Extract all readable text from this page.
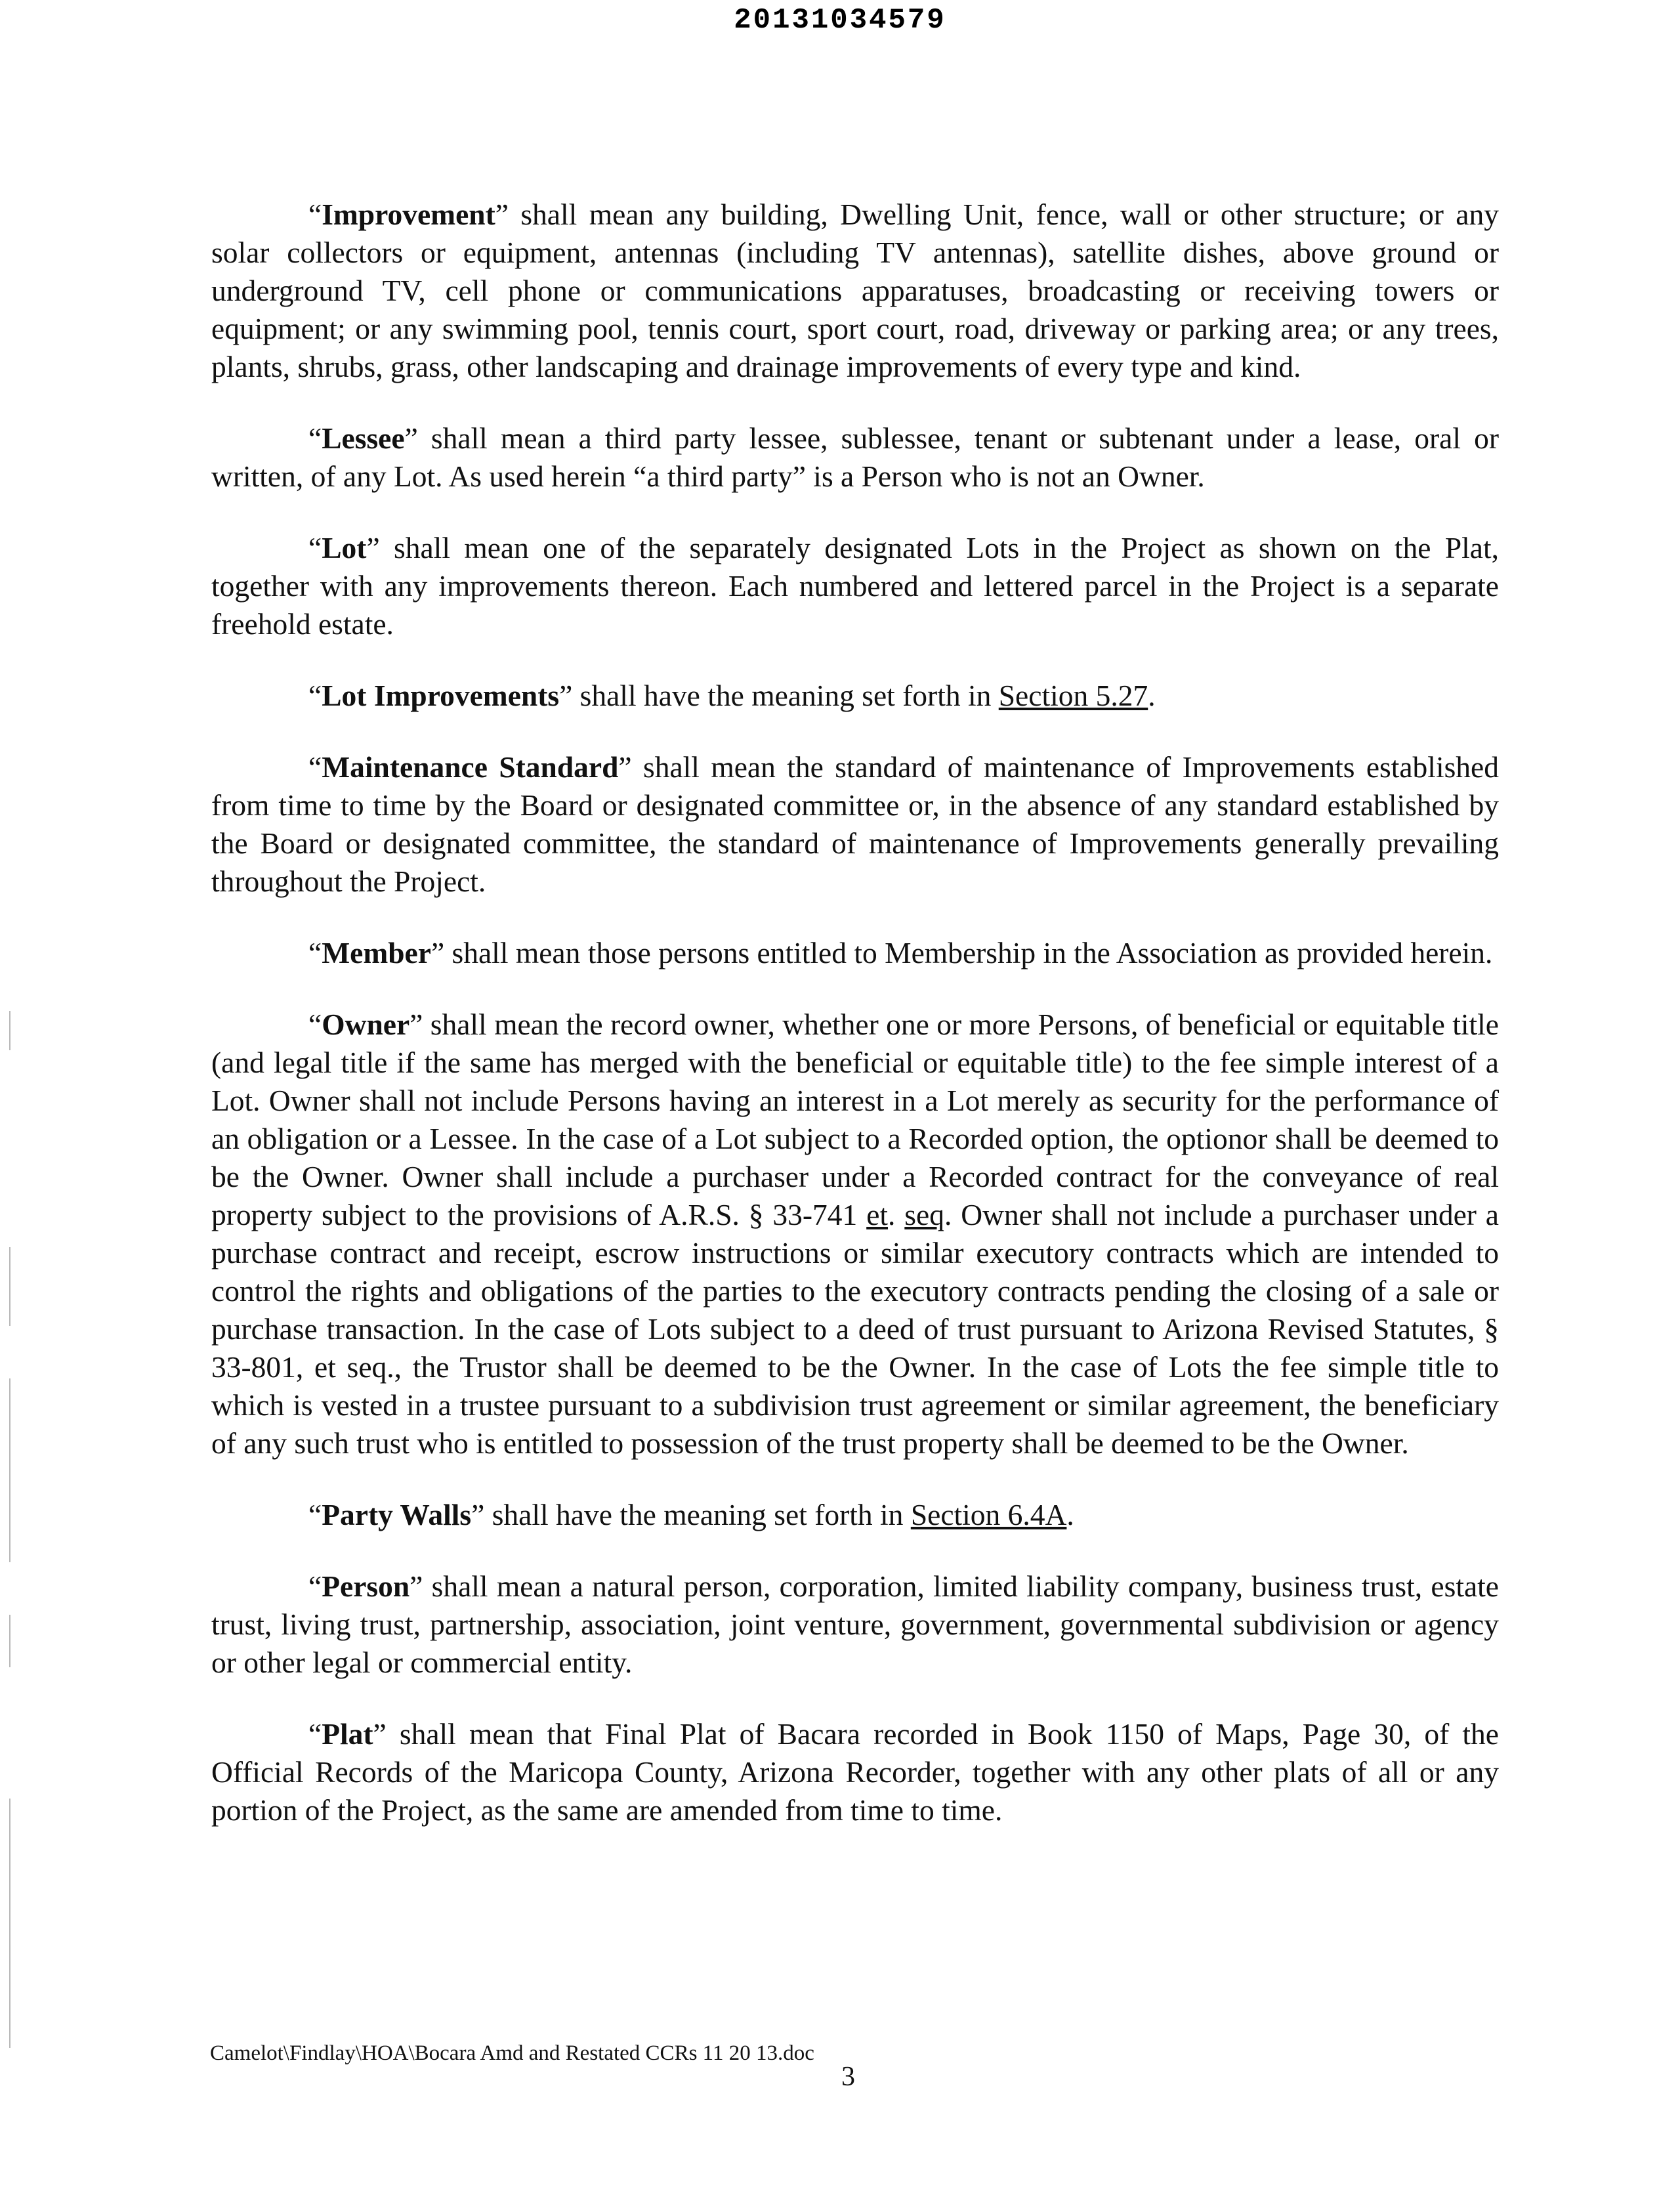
20131034579

“Improvement” shall mean any building, Dwelling Unit, fence, wall or other structure; or any solar collectors or equipment, antennas (including TV antennas), satellite dishes, above ground or underground TV, cell phone or communications apparatuses, broadcasting or receiving towers or equipment; or any swimming pool, tennis court, sport court, road, driveway or parking area; or any trees, plants, shrubs, grass, other landscaping and drainage improvements of every type and kind.

“Lessee” shall mean a third party lessee, sublessee, tenant or subtenant under a lease, oral or written, of any Lot. As used herein “a third party” is a Person who is not an Owner.

“Lot” shall mean one of the separately designated Lots in the Project as shown on the Plat, together with any improvements thereon. Each numbered and lettered parcel in the Project is a separate freehold estate.

“Lot Improvements” shall have the meaning set forth in Section 5.27.

“Maintenance Standard” shall mean the standard of maintenance of Improvements established from time to time by the Board or designated committee or, in the absence of any standard established by the Board or designated committee, the standard of maintenance of Improvements generally prevailing throughout the Project.

“Member” shall mean those persons entitled to Membership in the Association as provided herein.

“Owner” shall mean the record owner, whether one or more Persons, of beneficial or equitable title (and legal title if the same has merged with the beneficial or equitable title) to the fee simple interest of a Lot. Owner shall not include Persons having an interest in a Lot merely as security for the performance of an obligation or a Lessee. In the case of a Lot subject to a Recorded option, the optionor shall be deemed to be the Owner. Owner shall include a purchaser under a Recorded contract for the conveyance of real property subject to the provisions of A.R.S. § 33-741 et. seq. Owner shall not include a purchaser under a purchase contract and receipt, escrow instructions or similar executory contracts which are intended to control the rights and obligations of the parties to the executory contracts pending the closing of a sale or purchase transaction. In the case of Lots subject to a deed of trust pursuant to Arizona Revised Statutes, § 33-801, et seq., the Trustor shall be deemed to be the Owner. In the case of Lots the fee simple title to which is vested in a trustee pursuant to a subdivision trust agreement or similar agreement, the beneficiary of any such trust who is entitled to possession of the trust property shall be deemed to be the Owner.

“Party Walls” shall have the meaning set forth in Section 6.4A.

“Person” shall mean a natural person, corporation, limited liability company, business trust, estate trust, living trust, partnership, association, joint venture, government, governmental subdivision or agency or other legal or commercial entity.

“Plat” shall mean that Final Plat of Bacara recorded in Book 1150 of Maps, Page 30, of the Official Records of the Maricopa County, Arizona Recorder, together with any other plats of all or any portion of the Project, as the same are amended from time to time.

Camelot\Findlay\HOA\Bocara Amd and Restated CCRs 11 20 13.doc
3
